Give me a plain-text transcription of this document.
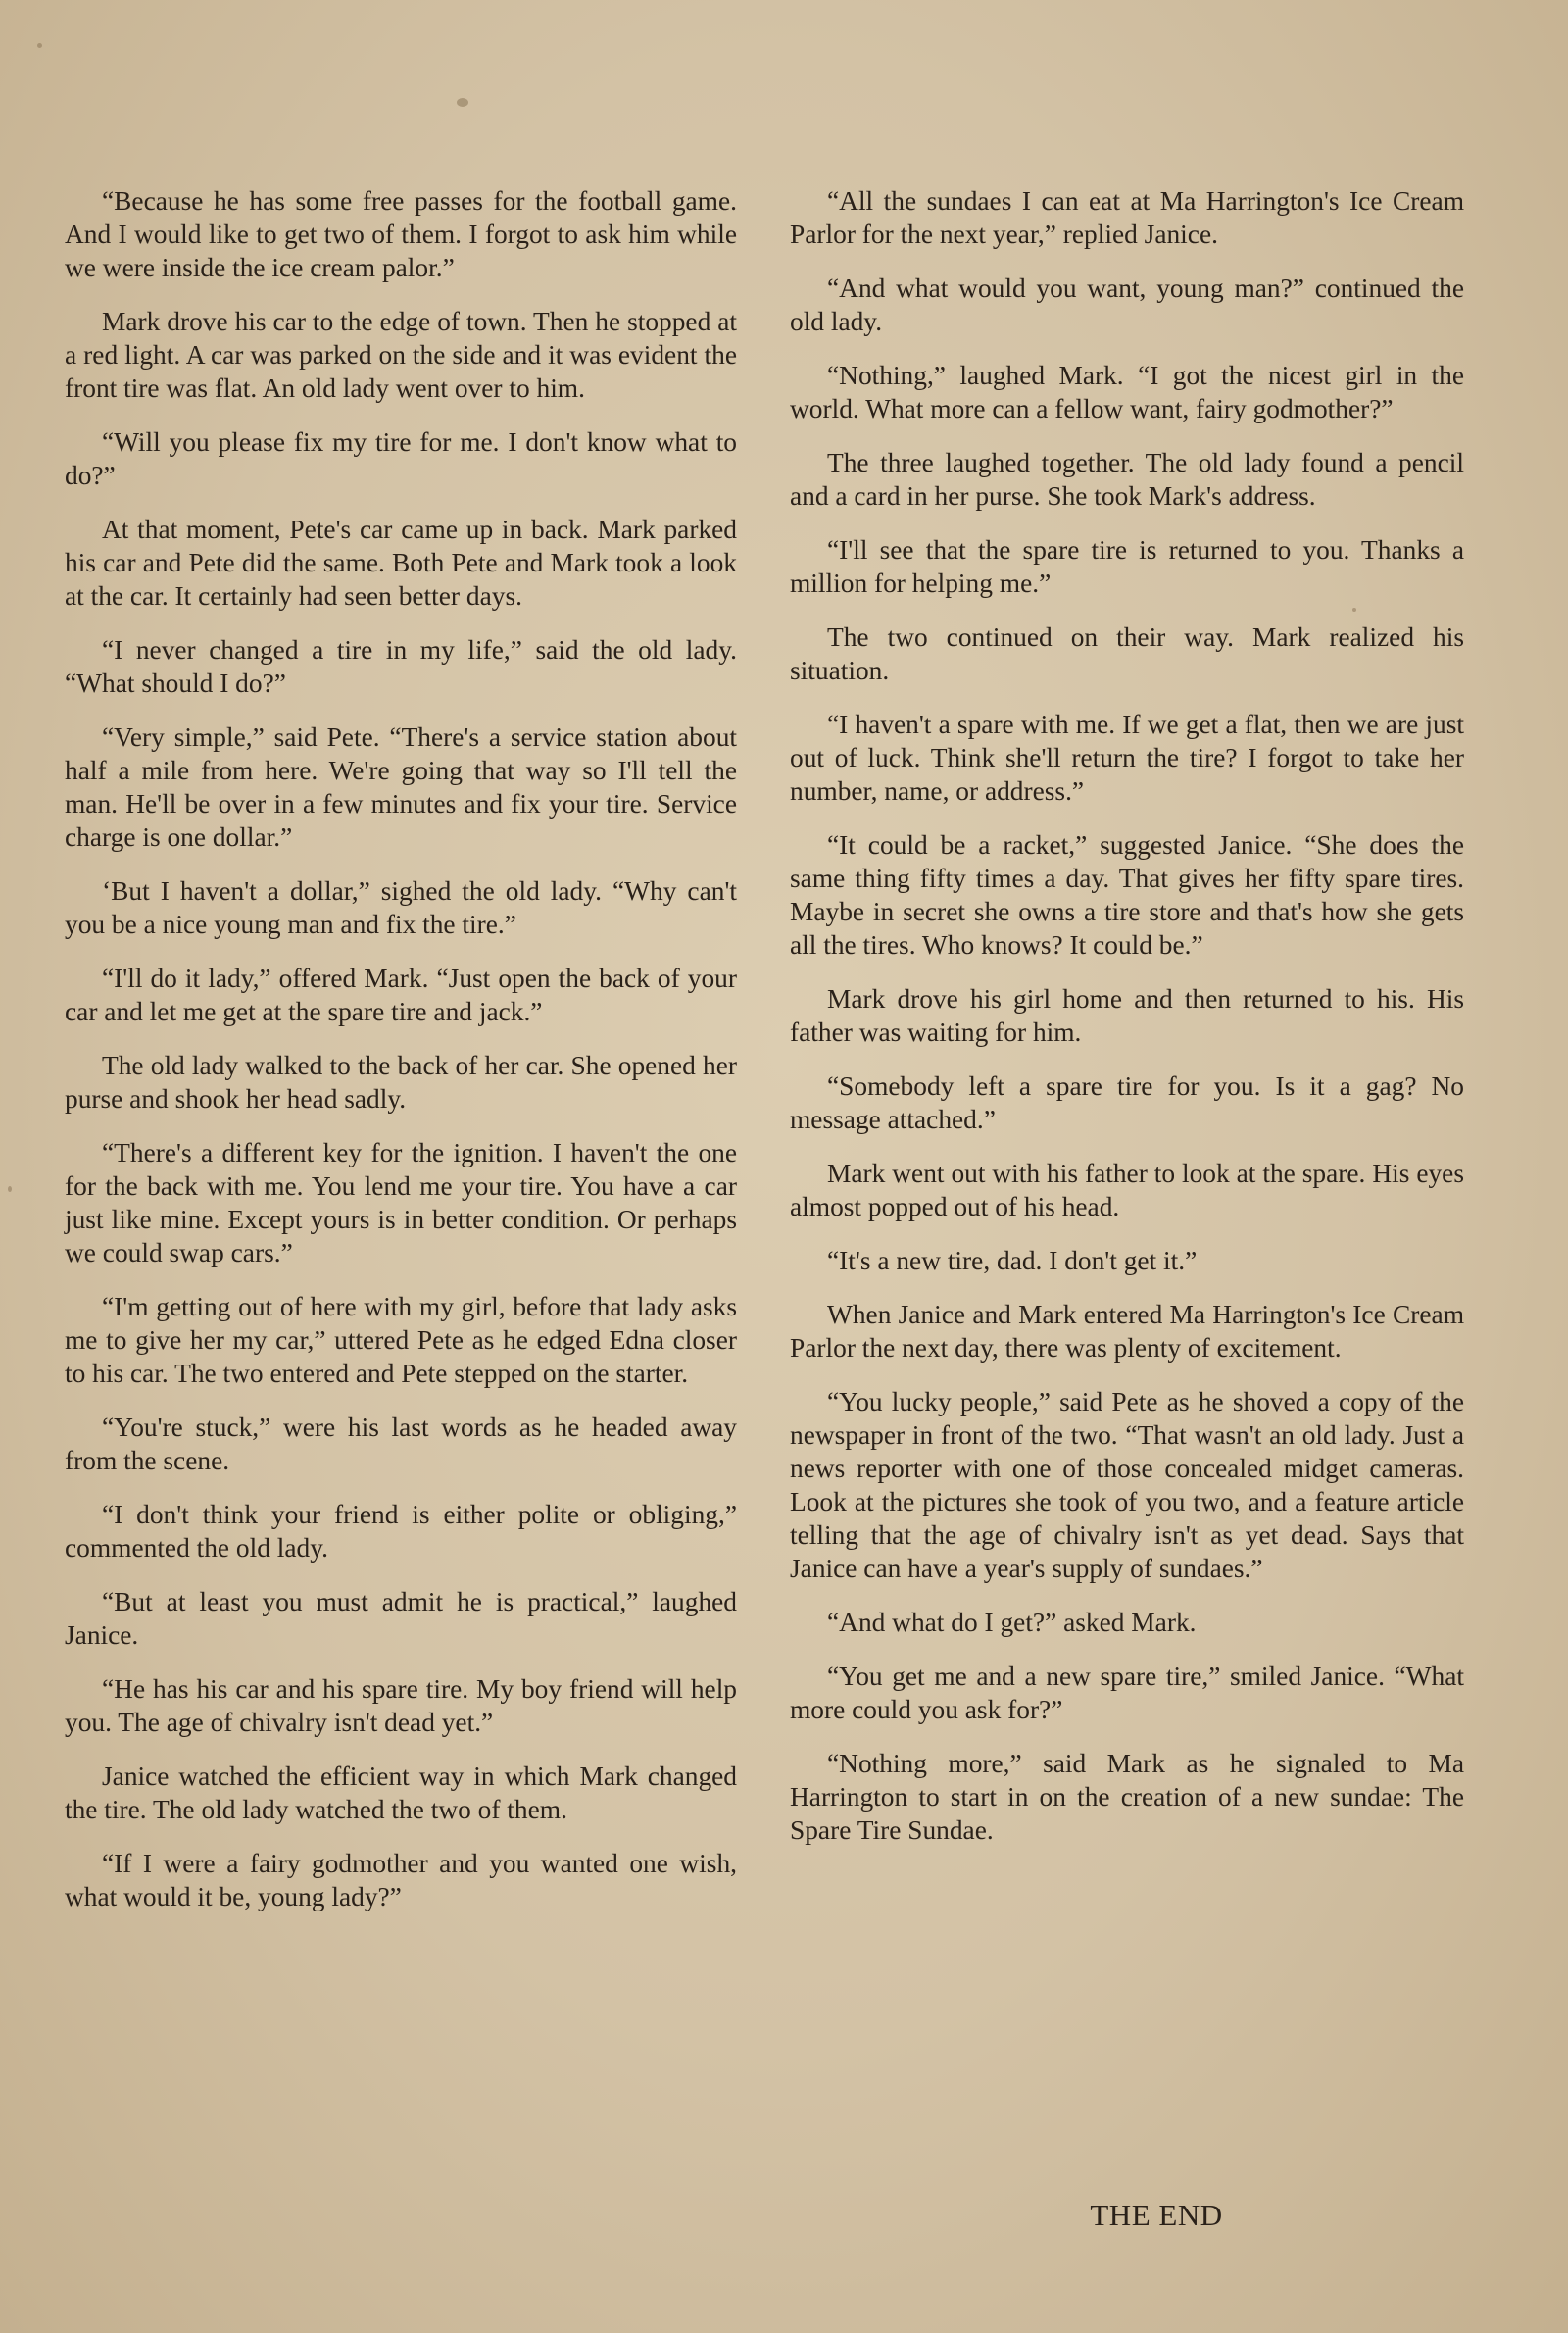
“Because he has some free passes for the football game. And I would like to get two of them. I forgot to ask him while we were inside the ice cream palor.”

Mark drove his car to the edge of town. Then he stopped at a red light. A car was parked on the side and it was evident the front tire was flat. An old lady went over to him.

“Will you please fix my tire for me. I don't know what to do?”

At that moment, Pete's car came up in back. Mark parked his car and Pete did the same. Both Pete and Mark took a look at the car. It certainly had seen better days.

“I never changed a tire in my life,” said the old lady. “What should I do?”

“Very simple,” said Pete. “There's a service station about half a mile from here. We're going that way so I'll tell the man. He'll be over in a few minutes and fix your tire. Service charge is one dollar.”

‘But I haven't a dollar,” sighed the old lady. “Why can't you be a nice young man and fix the tire.”

“I'll do it lady,” offered Mark. “Just open the back of your car and let me get at the spare tire and jack.”

The old lady walked to the back of her car. She opened her purse and shook her head sadly.

“There's a different key for the ignition. I haven't the one for the back with me. You lend me your tire. You have a car just like mine. Except yours is in better condition. Or perhaps we could swap cars.”

“I'm getting out of here with my girl, before that lady asks me to give her my car,” uttered Pete as he edged Edna closer to his car. The two entered and Pete stepped on the starter.

“You're stuck,” were his last words as he headed away from the scene.

“I don't think your friend is either polite or obliging,” commented the old lady.

“But at least you must admit he is practical,” laughed Janice.

“He has his car and his spare tire. My boy friend will help you. The age of chivalry isn't dead yet.”

Janice watched the efficient way in which Mark changed the tire. The old lady watched the two of them.

“If I were a fairy godmother and you wanted one wish, what would it be, young lady?”

“All the sundaes I can eat at Ma Harrington's Ice Cream Parlor for the next year,” replied Janice.

“And what would you want, young man?” continued the old lady.

“Nothing,” laughed Mark. “I got the nicest girl in the world. What more can a fellow want, fairy godmother?”

The three laughed together. The old lady found a pencil and a card in her purse. She took Mark's address.

“I'll see that the spare tire is returned to you. Thanks a million for helping me.”

The two continued on their way. Mark realized his situation.

“I haven't a spare with me. If we get a flat, then we are just out of luck. Think she'll return the tire? I forgot to take her number, name, or address.”

“It could be a racket,” suggested Janice. “She does the same thing fifty times a day. That gives her fifty spare tires. Maybe in secret she owns a tire store and that's how she gets all the tires. Who knows? It could be.”

Mark drove his girl home and then returned to his. His father was waiting for him.

“Somebody left a spare tire for you. Is it a gag? No message attached.”

Mark went out with his father to look at the spare. His eyes almost popped out of his head.

“It's a new tire, dad. I don't get it.”

When Janice and Mark entered Ma Harrington's Ice Cream Parlor the next day, there was plenty of excitement.

“You lucky people,” said Pete as he shoved a copy of the newspaper in front of the two. “That wasn't an old lady. Just a news reporter with one of those concealed midget cameras. Look at the pictures she took of you two, and a feature article telling that the age of chivalry isn't as yet dead. Says that Janice can have a year's supply of sundaes.”

“And what do I get?” asked Mark.

“You get me and a new spare tire,” smiled Janice. “What more could you ask for?”

“Nothing more,” said Mark as he signaled to Ma Harrington to start in on the creation of a new sundae: The Spare Tire Sundae.

THE END
